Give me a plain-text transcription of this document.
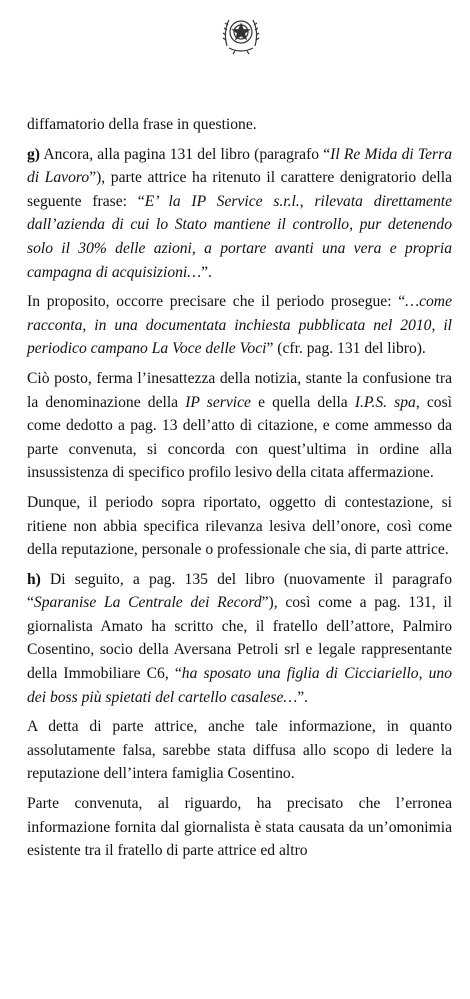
diffamatorio della frase in questione.

g) Ancora, alla pagina 131 del libro (paragrafo “Il Re Mida di Terra di Lavoro”), parte attrice ha ritenuto il carattere denigratorio della seguente frase: “E’ la IP Service s.r.l., rilevata direttamente dall’azienda di cui lo Stato mantiene il controllo, pur detenendo solo il 30% delle azioni, a portare avanti una vera e propria campagna di acquisizioni…”.

In proposito, occorre precisare che il periodo prosegue: “…come racconta, in una documentata inchiesta pubblicata nel 2010, il periodico campano La Voce delle Voci” (cfr. pag. 131 del libro).

Ciò posto, ferma l’inesattezza della notizia, stante la confusione tra la denominazione della IP service e quella della I.P.S. spa, così come dedotto a pag. 13 dell’atto di citazione, e come ammesso da parte convenuta, si concorda con quest’ultima in ordine alla insussistenza di specifico profilo lesivo della citata affermazione.

Dunque, il periodo sopra riportato, oggetto di contestazione, si ritiene non abbia specifica rilevanza lesiva dell’onore, così come della reputazione, personale o professionale che sia, di parte attrice.

h) Di seguito, a pag. 135 del libro (nuovamente il paragrafo “Sparanise La Centrale dei Record”), così come a pag. 131, il giornalista Amato ha scritto che, il fratello dell’attore, Palmiro Cosentino, socio della Aversana Petroli srl e legale rappresentante della Immobiliare C6, “ha sposato una figlia di Cicciariello, uno dei boss più spietati del cartello casalese…”.

A detta di parte attrice, anche tale informazione, in quanto assolutamente falsa, sarebbe stata diffusa allo scopo di ledere la reputazione dell’intera famiglia Cosentino.

Parte convenuta, al riguardo, ha precisato che l’erronea informazione fornita dal giornalista è stata causata da un’omonimia esistente tra il fratello di parte attrice ed altro
